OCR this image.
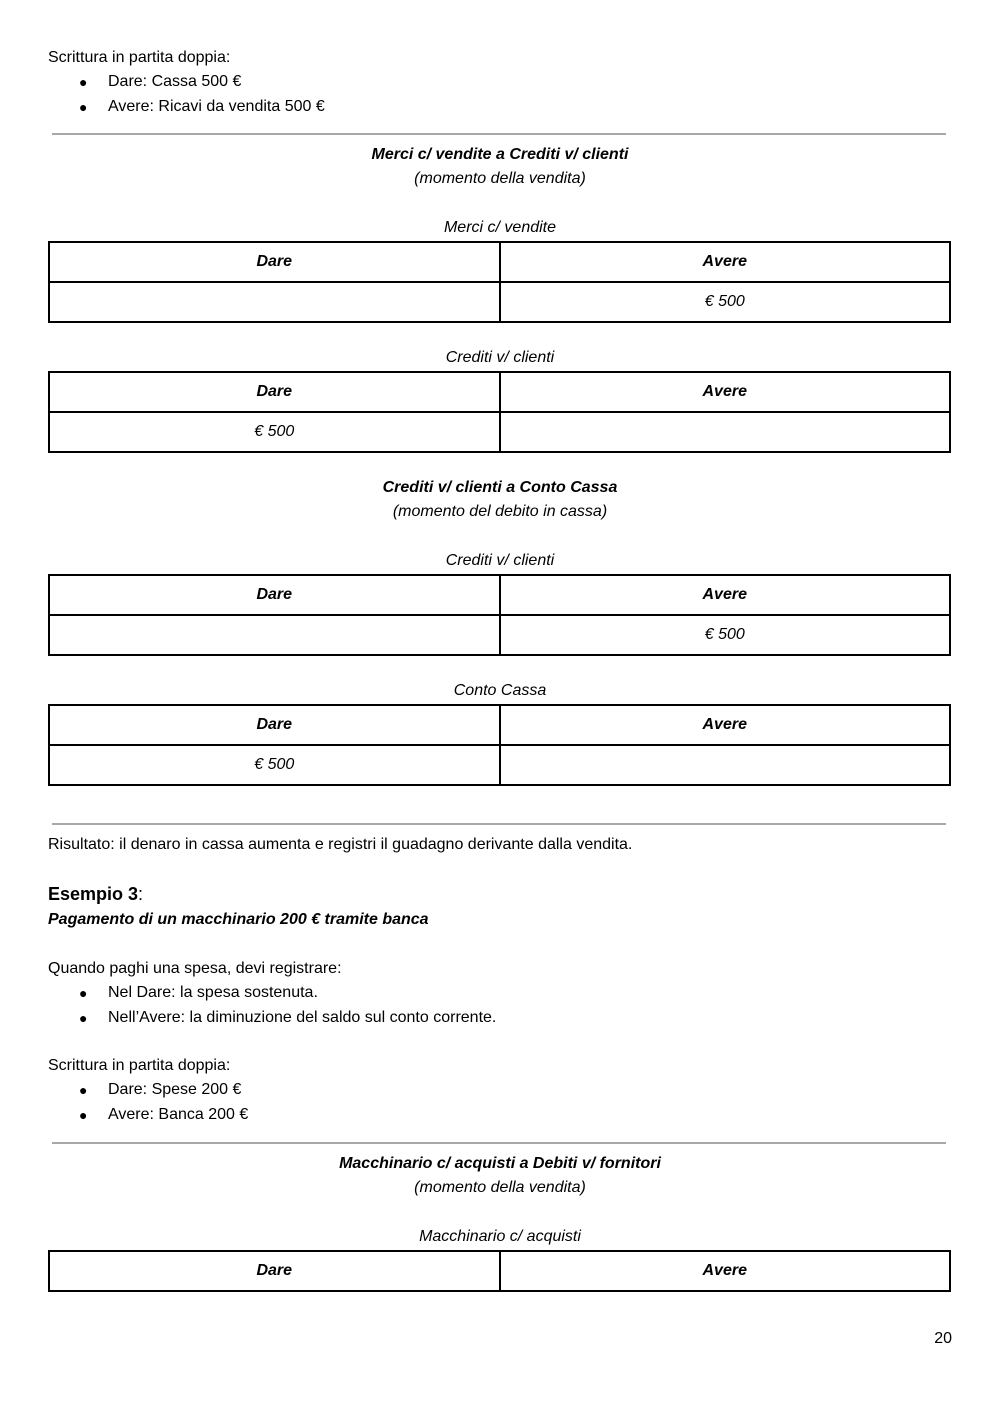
Scrittura in partita doppia:
● Dare: Cassa 500 €
● Avere: Ricavi da vendita 500 €
Merci c/ vendite a Crediti v/ clienti
(momento della vendita)
Merci c/ vendite
Dare	Avere
	€ 500
Crediti v/ clienti
Dare	Avere
€ 500	
Crediti v/ clienti a Conto Cassa
(momento del debito in cassa)
Crediti v/ clienti
Dare	Avere
	€ 500
Conto Cassa
Dare	Avere
€ 500	
Risultato: il denaro in cassa aumenta e registri il guadagno derivante dalla vendita.
Esempio 3:
Pagamento di un macchinario 200 € tramite banca
Quando paghi una spesa, devi registrare:
● Nel Dare: la spesa sostenuta.
● Nell’Avere: la diminuzione del saldo sul conto corrente.
Scrittura in partita doppia:
● Dare: Spese 200 €
● Avere: Banca 200 €
Macchinario c/ acquisti a Debiti v/ fornitori
(momento della vendita)
Macchinario c/ acquisti
Dare	Avere
20
